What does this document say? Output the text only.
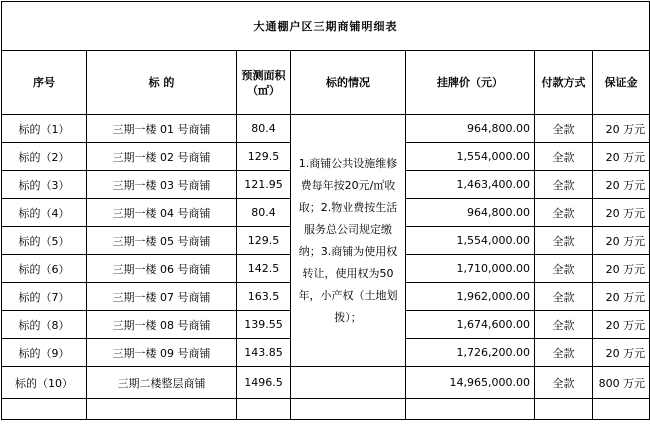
大通棚户区三期商铺明细表						
序号	标 的	预测面积（㎡）	标的情况	挂牌价（元）	付款方式	保证金
标的（1）	三期一楼 01 号商铺	80.4	1.商铺公共设施维修费每年按20元/㎡收取；2.物业费按生活服务总公司规定缴纳；3.商铺为使用权转让，使用权为50年，小产权（土地划拨）；	964,800.00	全款	20 万元
标的（2）	三期一楼 02 号商铺	129.5		1,554,000.00	全款	20 万元
标的（3）	三期一楼 03 号商铺	121.95		1,463,400.00	全款	20 万元
标的（4）	三期一楼 04 号商铺	80.4		964,800.00	全款	20 万元
标的（5）	三期一楼 05 号商铺	129.5		1,554,000.00	全款	20 万元
标的（6）	三期一楼 06 号商铺	142.5		1,710,000.00	全款	20 万元
标的（7）	三期一楼 07 号商铺	163.5		1,962,000.00	全款	20 万元
标的（8）	三期一楼 08 号商铺	139.55		1,674,600.00	全款	20 万元
标的（9）	三期一楼 09 号商铺	143.85		1,726,200.00	全款	20 万元
标的（10）	三期二楼整层商铺	1496.5		14,965,000.00	全款	800 万元
